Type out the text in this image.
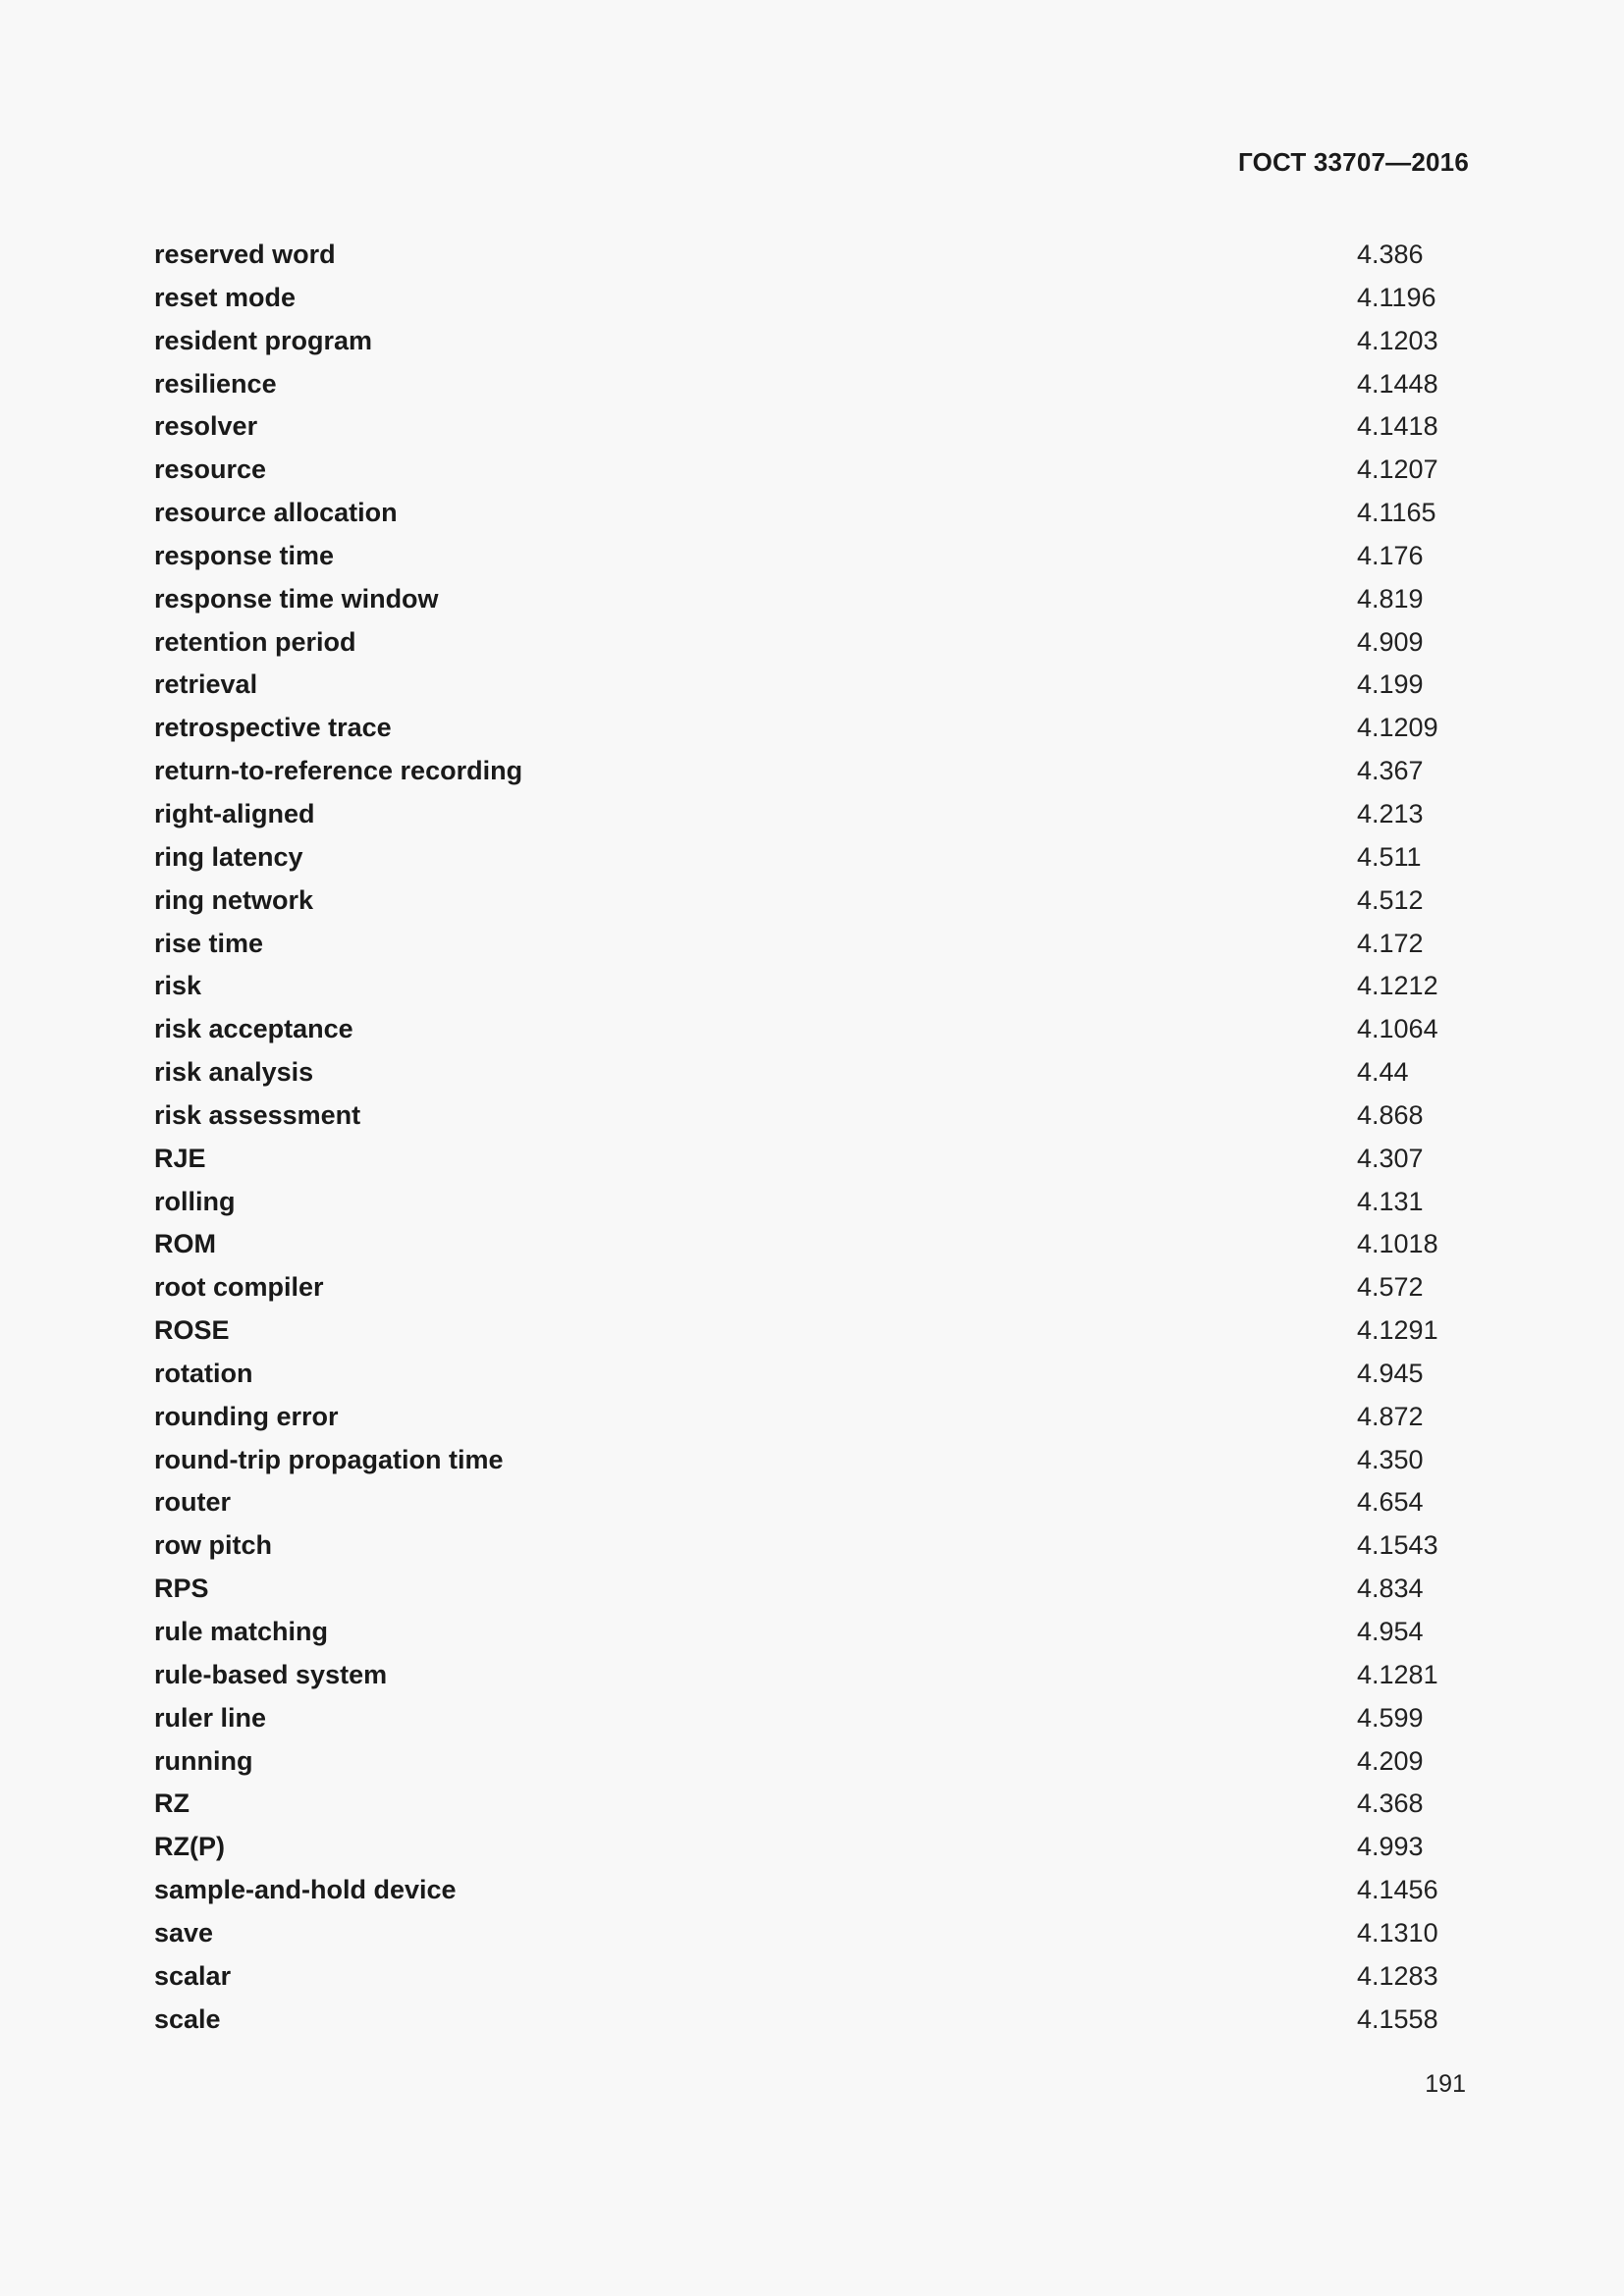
ГОСТ 33707—2016
reserved word	4.386
reset mode	4.1196
resident program	4.1203
resilience	4.1448
resolver	4.1418
resource	4.1207
resource allocation	4.1165
response time	4.176
response time window	4.819
retention period	4.909
retrieval	4.199
retrospective trace	4.1209
return-to-reference recording	4.367
right-aligned	4.213
ring latency	4.511
ring network	4.512
rise time	4.172
risk	4.1212
risk acceptance	4.1064
risk analysis	4.44
risk assessment	4.868
RJE	4.307
rolling	4.131
ROM	4.1018
root compiler	4.572
ROSE	4.1291
rotation	4.945
rounding error	4.872
round-trip propagation time	4.350
router	4.654
row pitch	4.1543
RPS	4.834
rule matching	4.954
rule-based system	4.1281
ruler line	4.599
running	4.209
RZ	4.368
RZ(P)	4.993
sample-and-hold device	4.1456
save	4.1310
scalar	4.1283
scale	4.1558
191
